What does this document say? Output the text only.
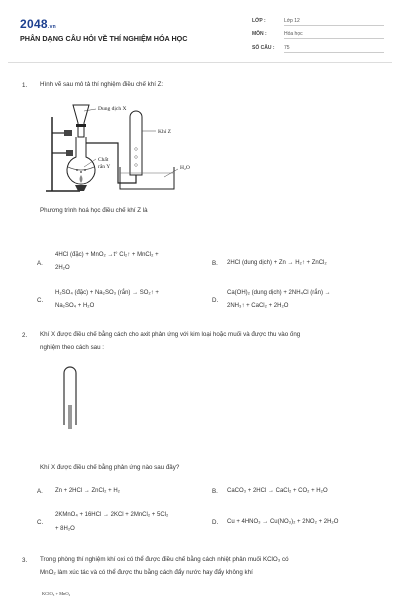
2048.vn
PHÂN DẠNG CÂU HỎI VỀ THÍ NGHIỆM HÓA HỌC
LỚP :	Lớp 12
MÔN :	Hóa học
SỐ CÂU :	75
1. Hình vẽ sau mô tả thí nghiệm điều chế khí Z:
Dung dịch X
Khí Z
Chất
rắn Y	H₂O
Phương trình hoá học điều chế khí Z là
A.
4HCl (đặc) + MnO₂ →t° Cl₂↑ + MnCl₂ +
2H₂O
B. 2HCl (dung dịch) + Zn → H₂↑ + ZnCl₂
C.
H₂SO₄ (đặc) + Na₂SO₃ (rắn) → SO₂↑ +
Na₂SO₄ + H₂O
D.
Ca(OH)₂ (dung dịch) + 2NH₄Cl (rắn) →
2NH₃↑ + CaCl₂ + 2H₂O
2. Khí X được điều chế bằng cách cho axit phản ứng với kim loại hoặc muối và được thu vào ống
nghiệm theo cách sau :
Khí X được điều chế bằng phản ứng nào sau đây?
A. Zn + 2HCl → ZnCl₂ + H₂	B. CaCO₃ + 2HCl → CaCl₂ + CO₂ + H₂O
C.
2KMnO₄ + 16HCl → 2KCl + 2MnCl₂ + 5Cl₂
+ 8H₂O
D. Cu + 4HNO₃ → Cu(NO₃)₂ + 2NO₂ + 2H₂O
3. Trong phòng thí nghiệm khí oxi có thể được điều chế bằng cách nhiệt phân muối KClO₃ có
MnO₂ làm xúc tác và có thể được thu bằng cách đẩy nước hay đẩy không khí
KClO₃ + MnO₂
